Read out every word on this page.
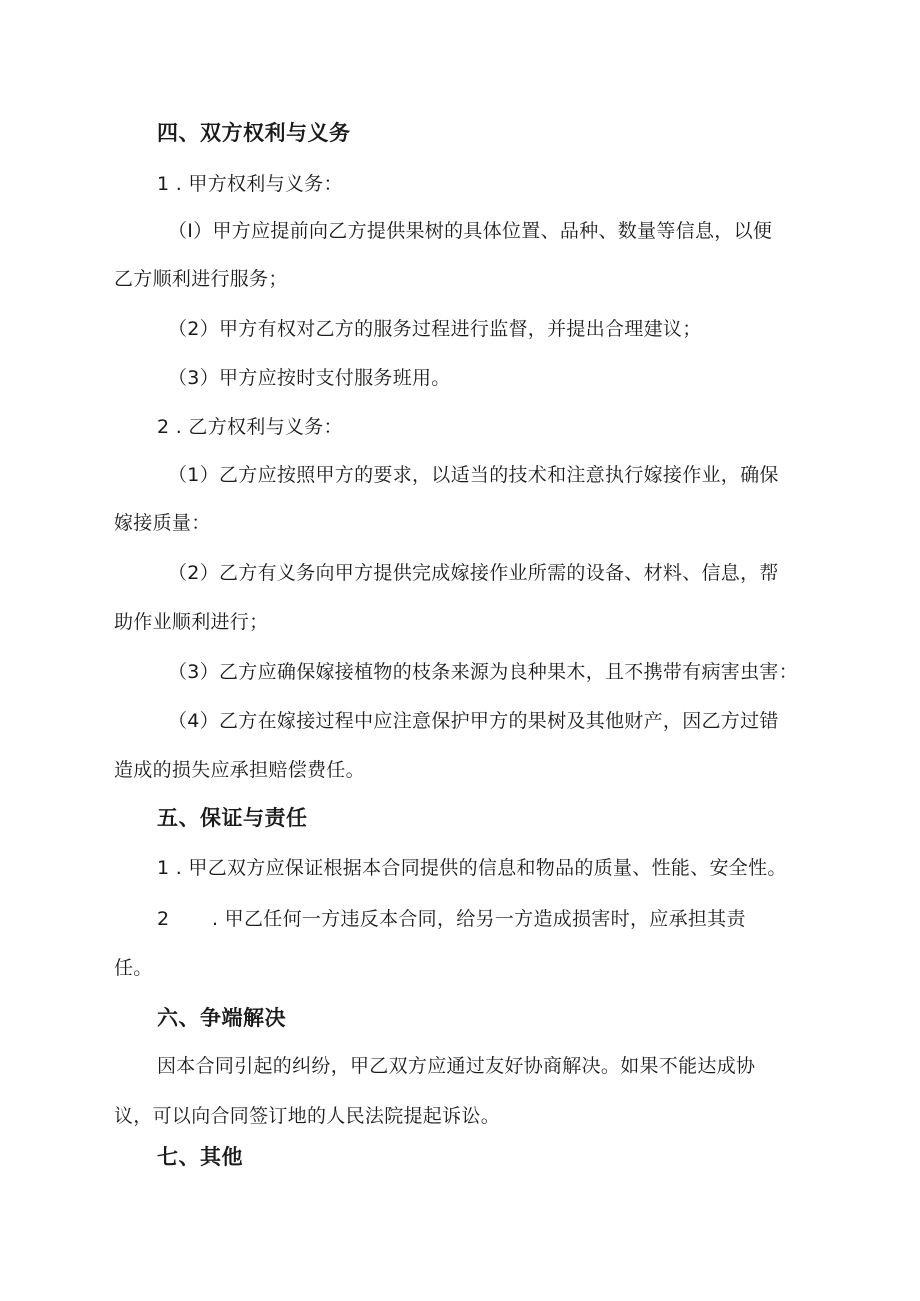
四、双方权利与义务
1 . 甲方权利与义务：
（I）甲方应提前向乙方提供果树的具体位置、品种、数量等信息，以便
乙方顺利进行服务；
（2）甲方有权对乙方的服务过程进行监督，并提出合理建议；
（3）甲方应按时支付服务班用。
2 . 乙方权利与义务：
（1）乙方应按照甲方的要求，以适当的技术和注意执行嫁接作业，确保
嫁接质量：
（2）乙方有义务向甲方提供完成嫁接作业所需的设备、材料、信息，帮
助作业顺利进行；
（3）乙方应确保嫁接植物的枝条来源为良种果木，且不携带有病害虫害：
（4）乙方在嫁接过程中应注意保护甲方的果树及其他财产，因乙方过错
造成的损失应承担赔偿费任。
五、保证与责任
1 . 甲乙双方应保证根据本合同提供的信息和物品的质量、性能、安全性。
2 . 甲乙任何一方违反本合同，给另一方造成损害时，应承担其责
任。
六、争端解决
因本合同引起的纠纷，甲乙双方应通过友好协商解决。如果不能达成协
议，可以向合同签订地的人民法院提起诉讼。
七、其他
